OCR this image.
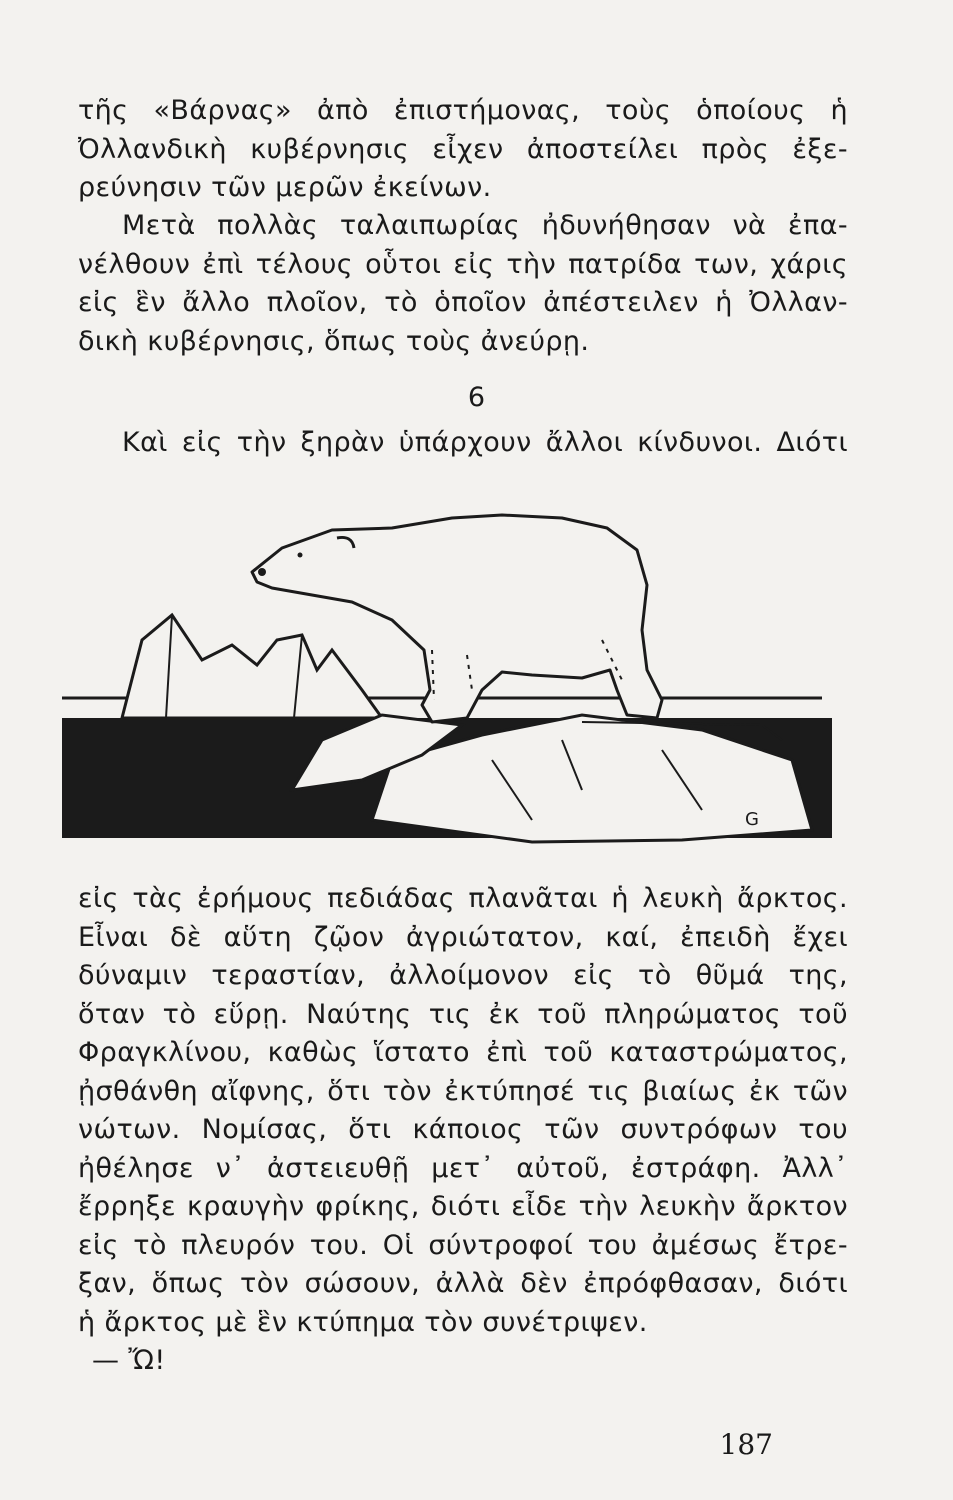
τῆς «Βάρνας» ἀπὸ ἐπιστήμονας, τοὺς ὁποίους ἡ
Ὀλλανδικὴ κυβέρνησις εἶχεν ἀποστείλει πρὸς ἐξε-
ρεύνησιν τῶν μερῶν ἐκείνων.
Μετὰ πολλὰς ταλαιπωρίας ἠδυνήθησαν νὰ ἐπα-
νέλθουν ἐπὶ τέλους οὗτοι εἰς τὴν πατρίδα των, χάρις
εἰς ἓν ἄλλο πλοῖον, τὸ ὁποῖον ἀπέστειλεν ἡ Ὀλλαν-
δικὴ κυβέρνησις, ὅπως τοὺς ἀνεύρῃ.
6
Καὶ εἰς τὴν ξηρὰν ὑπάρχουν ἄλλοι κίνδυνοι. Διότι
G
εἰς τὰς ἐρήμους πεδιάδας πλανᾶται ἡ λευκὴ ἄρκτος.
Εἶναι δὲ αὕτη ζῷον ἀγριώτατον, καί, ἐπειδὴ ἔχει
δύναμιν τεραστίαν, ἀλλοίμονον εἰς τὸ θῦμά της,
ὅταν τὸ εὕρῃ. Ναύτης τις ἐκ τοῦ πληρώματος τοῦ
Φραγκλίνου, καθὼς ἵστατο ἐπὶ τοῦ καταστρώματος,
ᾐσθάνθη αἴφνης, ὅτι τὸν ἐκτύπησέ τις βιαίως ἐκ τῶν
νώτων. Νομίσας, ὅτι κάποιος τῶν συντρόφων του
ἠθέλησε ν᾿ ἀστειευθῇ μετ᾿ αὐτοῦ, ἐστράφη. Ἀλλ᾿
ἔρρηξε κραυγὴν φρίκης, διότι εἶδε τὴν λευκὴν ἄρκτον
εἰς τὸ πλευρόν του. Οἱ σύντροφοί του ἀμέσως ἔτρε-
ξαν, ὅπως τὸν σώσουν, ἀλλὰ δὲν ἐπρόφθασαν, διότι
ἡ ἄρκτος μὲ ἓν κτύπημα τὸν συνέτριψεν.
— Ὤ!
187
